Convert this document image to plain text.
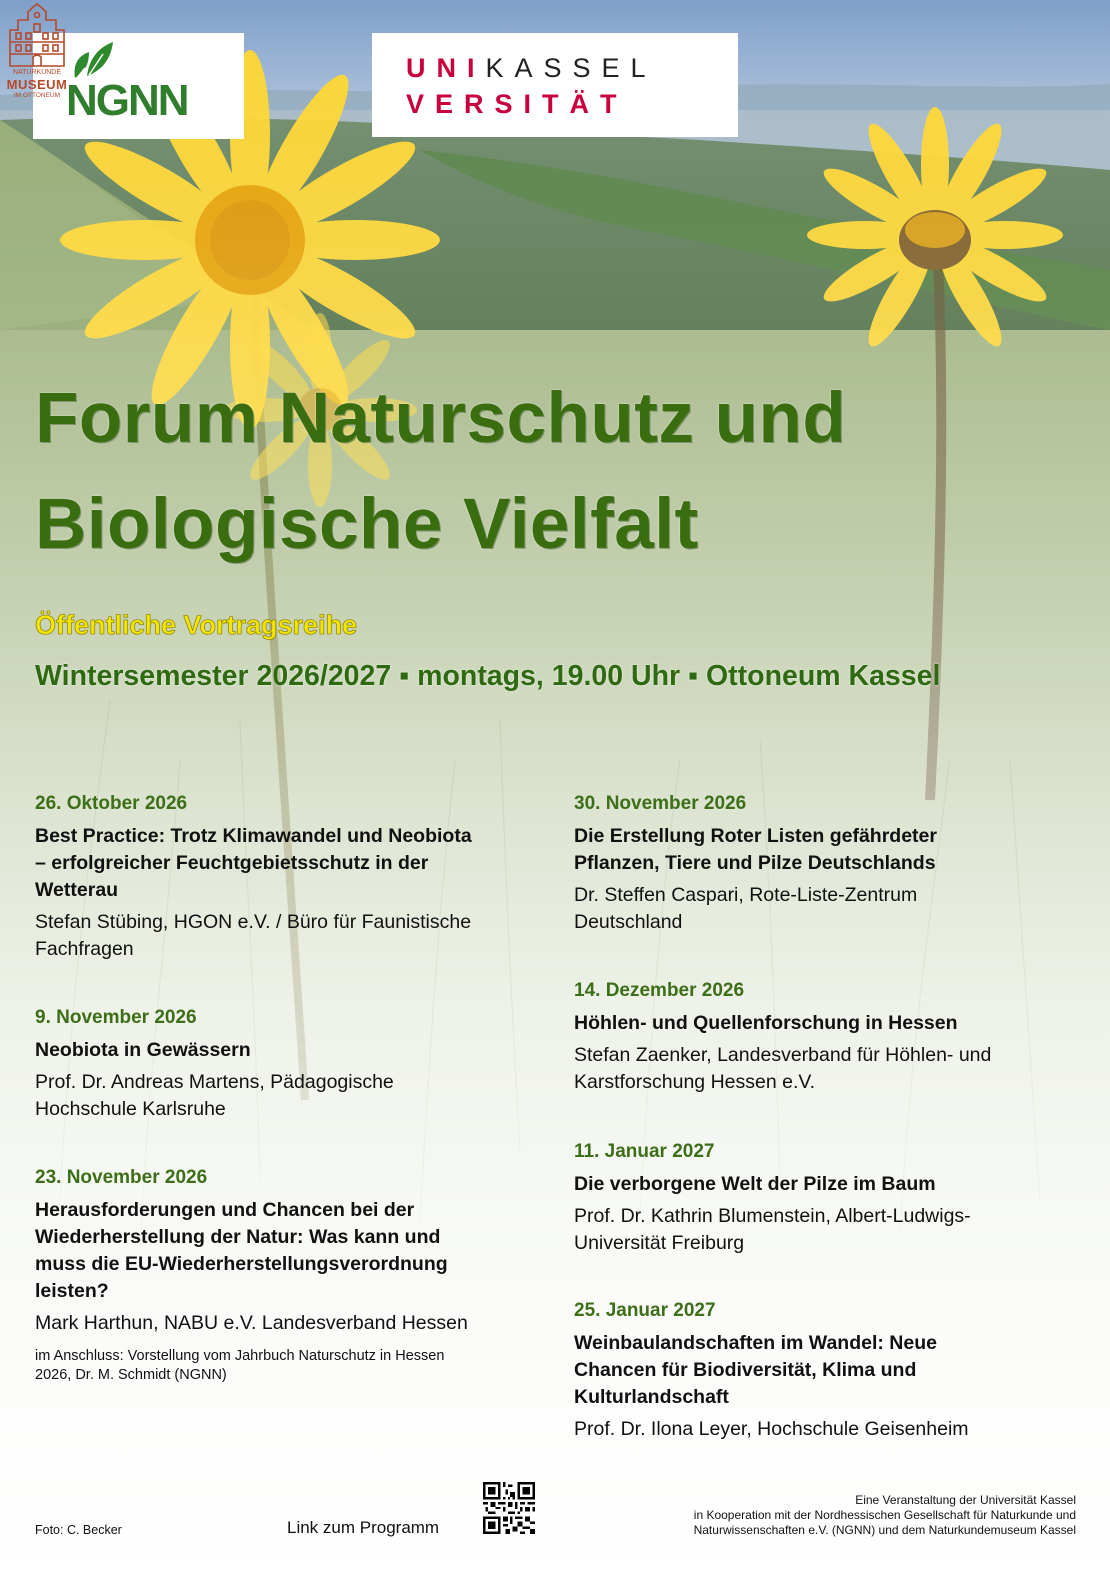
NGNN
UNIKASSEL
VERSITÄT
NATURKUNDE
MUSEUM
IM OTTONEUM
Forum Naturschutz und
Biologische Vielfalt
Öffentliche Vortragsreihe
Wintersemester 2026/2027 ▪ montags, 19.00 Uhr ▪ Ottoneum Kassel
26. Oktober 2026
Best Practice: Trotz Klimawandel und Neobiota
– erfolgreicher Feuchtgebietsschutz in der
Wetterau
Stefan Stübing, HGON e.V. / Büro für Faunistische
Fachfragen
9. November 2026
Neobiota in Gewässern
Prof. Dr. Andreas Martens, Pädagogische
Hochschule Karlsruhe
23. November 2026
Herausforderungen und Chancen bei der
Wiederherstellung der Natur: Was kann und
muss die EU-Wiederherstellungsverordnung
leisten?
Mark Harthun, NABU e.V. Landesverband Hessen
im Anschluss: Vorstellung vom Jahrbuch Naturschutz in Hessen
2026, Dr. M. Schmidt (NGNN)
30. November 2026
Die Erstellung Roter Listen gefährdeter
Pflanzen, Tiere und Pilze Deutschlands
Dr. Steffen Caspari, Rote-Liste-Zentrum
Deutschland
14. Dezember 2026
Höhlen- und Quellenforschung in Hessen
Stefan Zaenker, Landesverband für Höhlen- und
Karstforschung Hessen e.V.
11. Januar 2027
Die verborgene Welt der Pilze im Baum
Prof. Dr. Kathrin Blumenstein, Albert-Ludwigs-
Universität Freiburg
25. Januar 2027
Weinbaulandschaften im Wandel: Neue
Chancen für Biodiversität, Klima und
Kulturlandschaft
Prof. Dr. Ilona Leyer, Hochschule Geisenheim
Foto: C. Becker	Link zum Programm
Eine Veranstaltung der Universität Kassel
in Kooperation mit der Nordhessischen Gesellschaft für Naturkunde und
Naturwissenschaften e.V. (NGNN) und dem Naturkundemuseum Kassel
